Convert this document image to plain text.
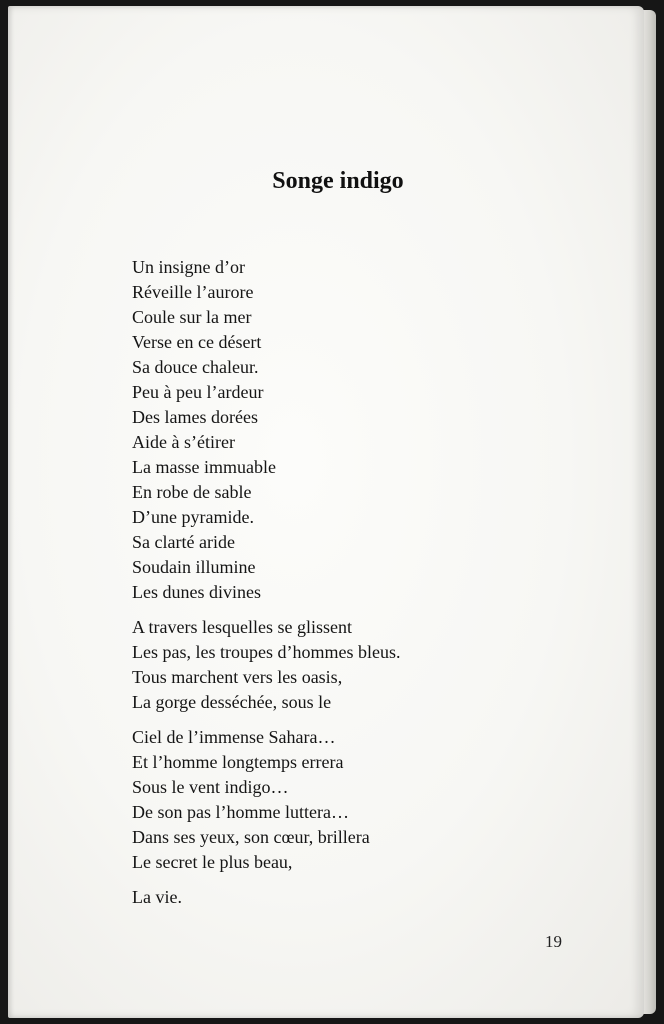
Songe indigo

Un insigne d’or
Réveille l’aurore
Coule sur la mer
Verse en ce désert
Sa douce chaleur.
Peu à peu l’ardeur
Des lames dorées
Aide à s’étirer
La masse immuable
En robe de sable
D’une pyramide.
Sa clarté aride
Soudain illumine
Les dunes divines

A travers lesquelles se glissent
Les pas, les troupes d’hommes bleus.
Tous marchent vers les oasis,
La gorge desséchée, sous le

Ciel de l’immense Sahara…
Et l’homme longtemps errera
Sous le vent indigo…
De son pas l’homme luttera…
Dans ses yeux, son cœur, brillera
Le secret le plus beau,

La vie.

19
